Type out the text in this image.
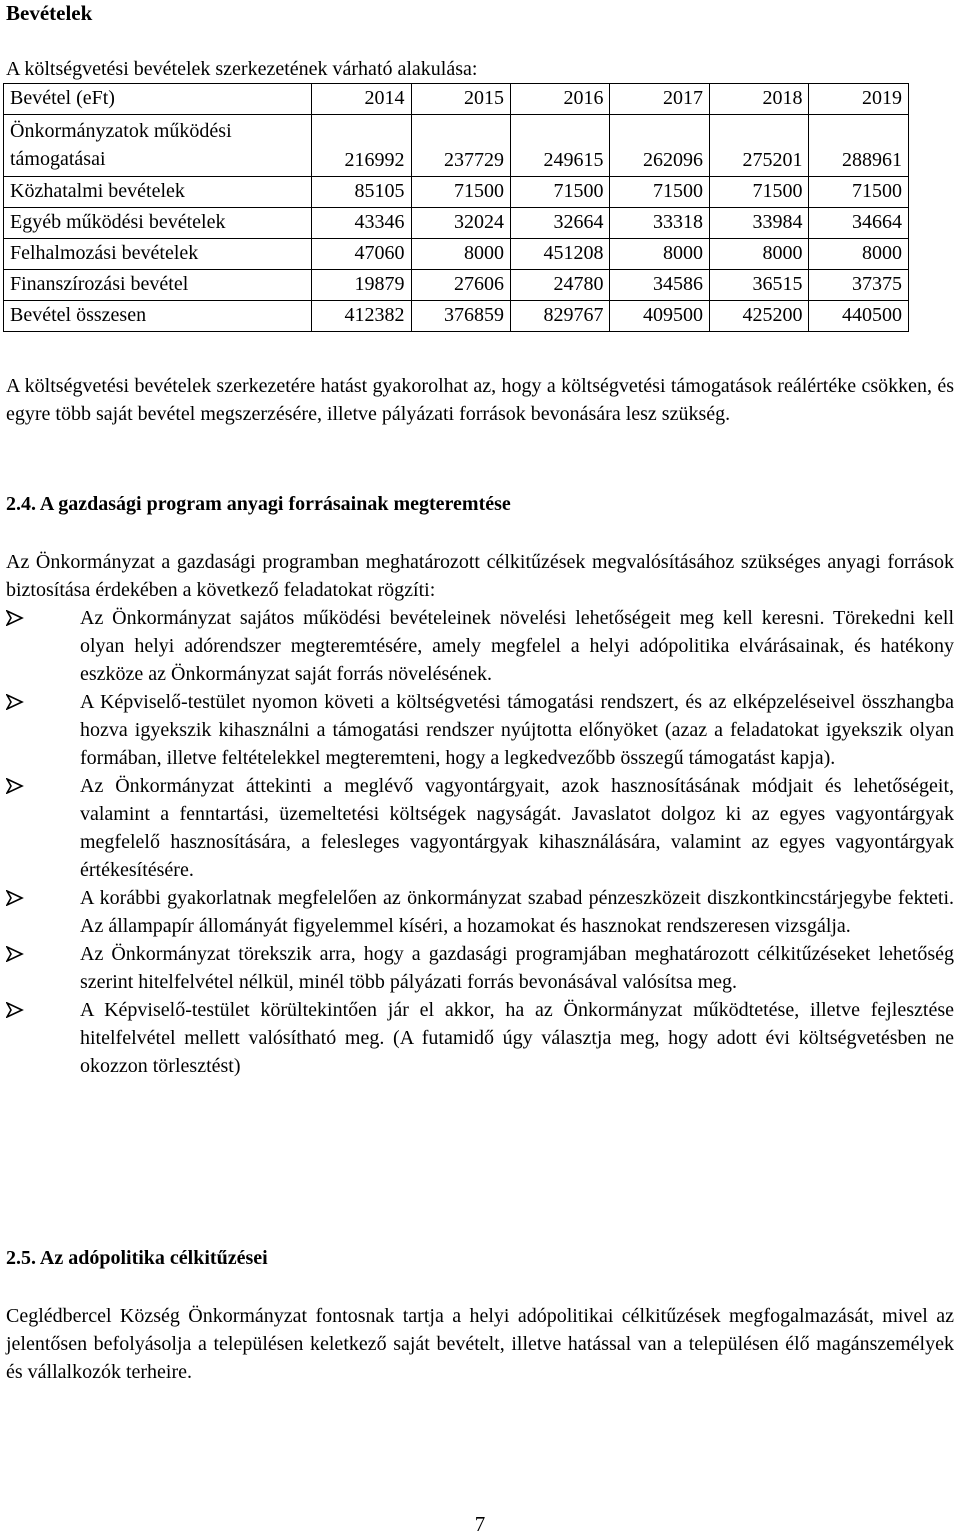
Bevételek
A költségvetési bevételek szerkezetének várható alakulása:
Bevétel (eFt)	2014	2015	2016	2017	2018	2019
Önkormányzatok működési támogatásai	216992	237729	249615	262096	275201	288961
Közhatalmi bevételek	85105	71500	71500	71500	71500	71500
Egyéb működési bevételek	43346	32024	32664	33318	33984	34664
Felhalmozási bevételek	47060	8000	451208	8000	8000	8000
Finanszírozási bevétel	19879	27606	24780	34586	36515	37375
Bevétel összesen	412382	376859	829767	409500	425200	440500
A költségvetési bevételek szerkezetére hatást gyakorolhat az, hogy a költségvetési támogatások reálértéke csökken, és egyre több saját bevétel megszerzésére, illetve pályázati források bevonására lesz szükség.
2.4. A gazdasági program anyagi forrásainak megteremtése
Az Önkormányzat a gazdasági programban meghatározott célkitűzések megvalósításához szükséges anyagi források biztosítása érdekében a következő feladatokat rögzíti:
Az Önkormányzat sajátos működési bevételeinek növelési lehetőségeit meg kell keresni. Törekedni kell olyan helyi adórendszer megteremtésére, amely megfelel a helyi adópolitika elvárásainak, és hatékony eszköze az Önkormányzat saját forrás növelésének.
A Képviselő-testület nyomon követi a költségvetési támogatási rendszert, és az elképzeléseivel összhangba hozva igyekszik kihasználni a támogatási rendszer nyújtotta előnyöket (azaz a feladatokat igyekszik olyan formában, illetve feltételekkel megteremteni, hogy a legkedvezőbb összegű támogatást kapja).
Az Önkormányzat áttekinti a meglévő vagyontárgyait, azok hasznosításának módjait és lehetőségeit, valamint a fenntartási, üzemeltetési költségek nagyságát. Javaslatot dolgoz ki az egyes vagyontárgyak megfelelő hasznosítására, a felesleges vagyontárgyak kihasználására, valamint az egyes vagyontárgyak értékesítésére.
A korábbi gyakorlatnak megfelelően az önkormányzat szabad pénzeszközeit diszkontkincstárjegybe fekteti. Az állampapír állományát figyelemmel kíséri, a hozamokat és hasznokat rendszeresen vizsgálja.
Az Önkormányzat törekszik arra, hogy a gazdasági programjában meghatározott célkitűzéseket lehetőség szerint hitelfelvétel nélkül, minél több pályázati forrás bevonásával valósítsa meg.
A Képviselő-testület körültekintően jár el akkor, ha az Önkormányzat működtetése, illetve fejlesztése hitelfelvétel mellett valósítható meg. (A futamidő úgy választja meg, hogy adott évi költségvetésben ne okozzon törlesztést)
2.5. Az adópolitika célkitűzései
Ceglédbercel Község Önkormányzat fontosnak tartja a helyi adópolitikai célkitűzések megfogalmazását, mivel az jelentősen befolyásolja a településen keletkező saját bevételt, illetve hatással van a településen élő magánszemélyek és vállalkozók terheire.
7
